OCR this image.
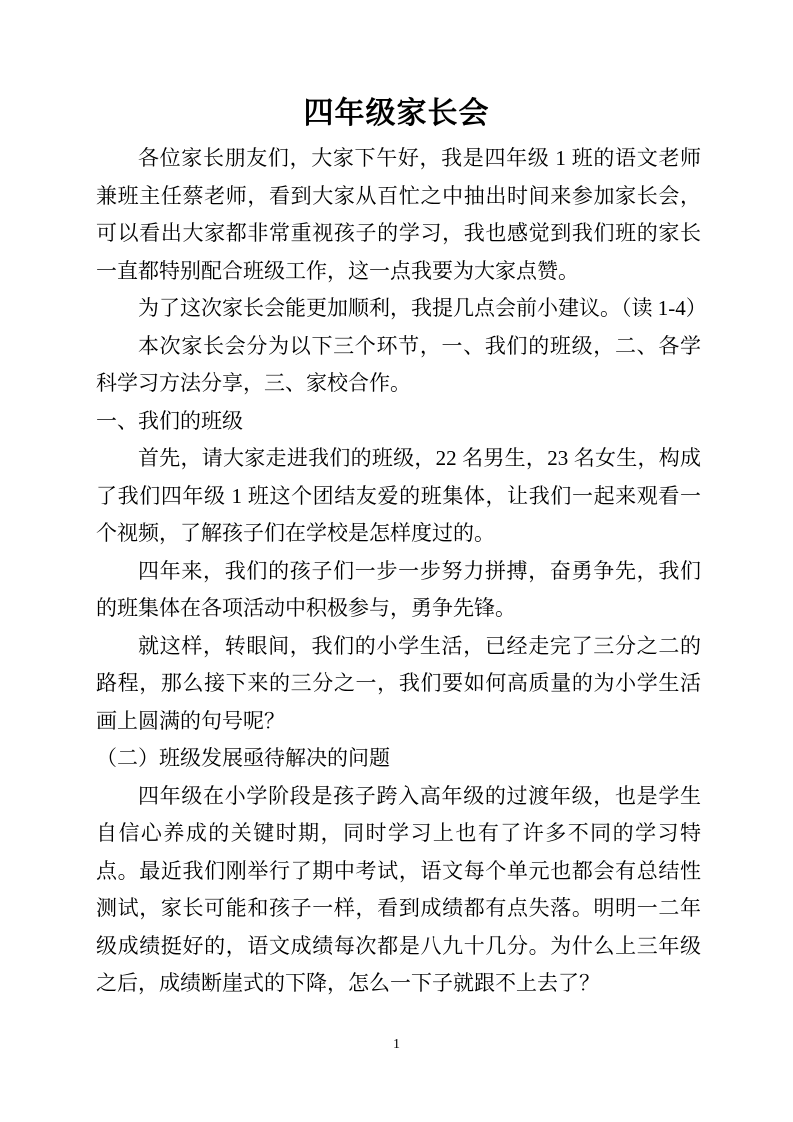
四年级家长会

各位家长朋友们，大家下午好，我是四年级 1 班的语文老师兼班主任蔡老师，看到大家从百忙之中抽出时间来参加家长会，可以看出大家都非常重视孩子的学习，我也感觉到我们班的家长一直都特别配合班级工作，这一点我要为大家点赞。

为了这次家长会能更加顺利，我提几点会前小建议。（读 1-4）

本次家长会分为以下三个环节，一、我们的班级，二、各学科学习方法分享，三、家校合作。

一、我们的班级

首先，请大家走进我们的班级，22 名男生，23 名女生，构成了我们四年级 1 班这个团结友爱的班集体，让我们一起来观看一个视频，了解孩子们在学校是怎样度过的。

四年来，我们的孩子们一步一步努力拼搏，奋勇争先，我们的班集体在各项活动中积极参与，勇争先锋。

就这样，转眼间，我们的小学生活，已经走完了三分之二的路程，那么接下来的三分之一，我们要如何高质量的为小学生活画上圆满的句号呢？

（二）班级发展亟待解决的问题

四年级在小学阶段是孩子跨入高年级的过渡年级，也是学生自信心养成的关键时期，同时学习上也有了许多不同的学习特点。最近我们刚举行了期中考试，语文每个单元也都会有总结性测试，家长可能和孩子一样，看到成绩都有点失落。明明一二年级成绩挺好的，语文成绩每次都是八九十几分。为什么上三年级之后，成绩断崖式的下降，怎么一下子就跟不上去了？

1
